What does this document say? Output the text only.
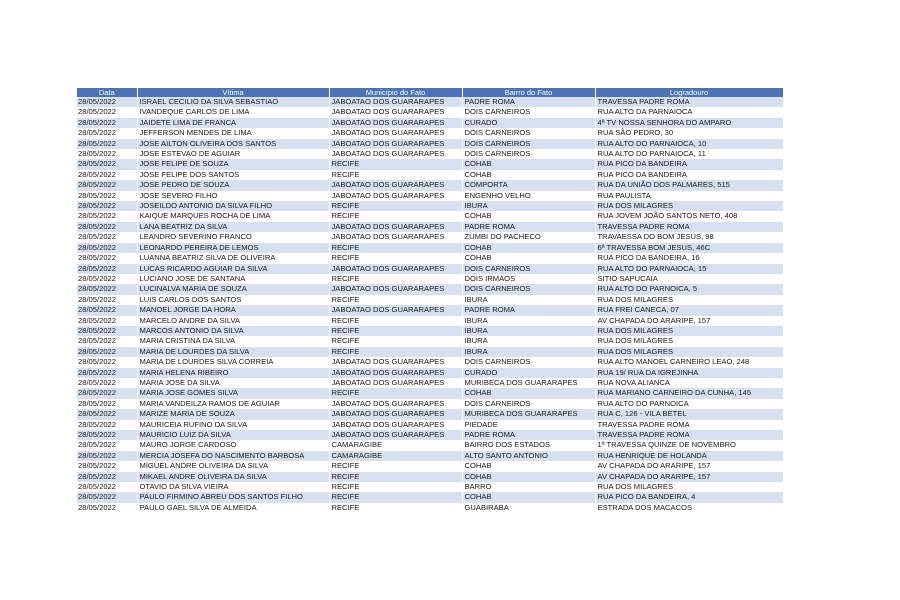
Data	Vítima	Município do Fato	Bairro do Fato	Logradouro
28/05/2022	ISRAEL CECILIO DA SILVA SEBASTIAO	JABOATAO DOS GUARARAPES	PADRE ROMA	TRAVESSA PADRE ROMA
28/05/2022	IVANDEQUE CARLOS DE LIMA	JABOATAO DOS GUARARAPES	DOIS CARNEIROS	RUA ALTO DA PARNAIOCA
28/05/2022	JAIDETE LIMA DE FRANCA	JABOATAO DOS GUARARAPES	CURADO	4ª TV NOSSA SENHORA DO AMPARO
28/05/2022	JEFFERSON MENDES DE LIMA	JABOATAO DOS GUARARAPES	DOIS CARNEIROS	RUA SÃO PEDRO, 30
28/05/2022	JOSE AILTON OLIVEIRA DOS SANTOS	JABOATAO DOS GUARARAPES	DOIS CARNEIROS	RUA ALTO DO PARNAIOCA, 10
28/05/2022	JOSE ESTEVAO DE AGUIAR	JABOATAO DOS GUARARAPES	DOIS CARNEIROS	RUA ALTO DO PARNAIOCA, 11
28/05/2022	JOSE FELIPE DE SOUZA	RECIFE	COHAB	RUA PICO DA BANDEIRA
28/05/2022	JOSE FELIPE DOS SANTOS	RECIFE	COHAB	RUA PICO DA BANDEIRA
28/05/2022	JOSE PEDRO DE SOUZA	JABOATAO DOS GUARARAPES	COMPORTA	RUA DA UNIÃO DOS PALMARES, 515
28/05/2022	JOSE SEVERO FILHO	JABOATAO DOS GUARARAPES	ENGENHO VELHO	RUA PAULISTA
28/05/2022	JOSEILDO ANTONIO DA SILVA FILHO	RECIFE	IBURA	RUA DOS MILAGRES
28/05/2022	KAIQUE MARQUES ROCHA DE LIMA	RECIFE	COHAB	RUA JOVEM JOÃO SANTOS NETO, 408
28/05/2022	LANA BEATRIZ DA SILVA	JABOATAO DOS GUARARAPES	PADRE ROMA	TRAVESSA PADRE ROMA
28/05/2022	LEANDRO SEVERINO FRANCO	JABOATAO DOS GUARARAPES	ZUMBI DO PACHECO	TRAVAESSA DO BOM JESUS, 98
28/05/2022	LEONARDO PEREIRA DE LEMOS	RECIFE	COHAB	6ª TRAVESSA BOM JESUS, 46C
28/05/2022	LUANNA BEATRIZ SILVA DE OLIVEIRA	RECIFE	COHAB	RUA PICO DA BANDEIRA, 16
28/05/2022	LUCAS RICARDO AGUIAR DA SILVA	JABOATAO DOS GUARARAPES	DOIS CARNEIROS	RUA ALTO DO PARNAIOCA, 15
28/05/2022	LUCIANO JOSE DE SANTANA	RECIFE	DOIS IRMAOS	SITIO SAPUCAIA
28/05/2022	LUCINALVA MARIA DE SOUZA	JABOATAO DOS GUARARAPES	DOIS CARNEIROS	RUA ALTO DO PARNOICA, 5
28/05/2022	LUIS CARLOS DOS SANTOS	RECIFE	IBURA	RUA DOS MILAGRES
28/05/2022	MANOEL JORGE DA HORA	JABOATAO DOS GUARARAPES	PADRE ROMA	RUA FREI CANECA, 07
28/05/2022	MARCELO ANDRE DA SILVA	RECIFE	IBURA	AV CHAPADA DO ARARIPE, 157
28/05/2022	MARCOS ANTONIO DA SILVA	RECIFE	IBURA	RUA DOS MILAGRES
28/05/2022	MARIA CRISTINA DA SILVA	RECIFE	IBURA	RUA DOS MILAGRES
28/05/2022	MARIA DE LOURDES DA SILVA	RECIFE	IBURA	RUA DOS MILAGRES
28/05/2022	MARIA DE LOURDES SILVA CORREIA	JABOATAO DOS GUARARAPES	DOIS CARNEIROS	RUA ALTO MANOEL CARNEIRO LEAO, 248
28/05/2022	MARIA HELENA RIBEIRO	JABOATAO DOS GUARARAPES	CURADO	RUA 19/ RUA DA IGREJINHA
28/05/2022	MARIA JOSE DA SILVA	JABOATAO DOS GUARARAPES	MURIBECA DOS GUARARAPES	RUA NOVA ALIANCA
28/05/2022	MARIA JOSE GOMES SILVA	RECIFE	COHAB	RUA MARIANO CARNEIRO DA CUNHA, 145
28/05/2022	MARIA VANDEILZA RAMOS DE AGUIAR	JABOATAO DOS GUARARAPES	DOIS CARNEIROS	RUA ALTO DO PARNOICA
28/05/2022	MARIZE MARIA DE SOUZA	JABOATAO DOS GUARARAPES	MURIBECA DOS GUARARAPES	RUA C, 126 - VILA BETEL
28/05/2022	MAURICEIA RUFINO DA SILVA	JABOATAO DOS GUARARAPES	PIEDADE	TRAVESSA PADRE ROMA
28/05/2022	MAURICIO LUIZ DA SILVA	JABOATAO DOS GUARARAPES	PADRE ROMA	TRAVESSA PADRE ROMA
28/05/2022	MAURO JORGE CARDOSO	CAMARAGIBE	BAIRRO DOS ESTADOS	1ª TRAVESSA QUINZE DE NOVEMBRO
28/05/2022	MERCIA JOSEFA DO NASCIMENTO BARBOSA	CAMARAGIBE	ALTO SANTO ANTONIO	RUA HENRIQUE DE HOLANDA
28/05/2022	MIGUEL ANDRE OLIVEIRA DA SILVA	RECIFE	COHAB	AV CHAPADA DO ARARIPE, 157
28/05/2022	MIKAEL ANDRE OLIVEIRA DA SILVA	RECIFE	COHAB	AV CHAPADA DO ARARIPE, 157
28/05/2022	OTAVIO DA SILVA VIEIRA	RECIFE	BARRO	RUA DOS MILAGRES
28/05/2022	PAULO FIRMINO ABREU DOS SANTOS FILHO	RECIFE	COHAB	RUA PICO DA BANDEIRA, 4
28/05/2022	PAULO GAEL SILVA DE ALMEIDA	RECIFE	GUABIRABA	ESTRADA DOS MACACOS
